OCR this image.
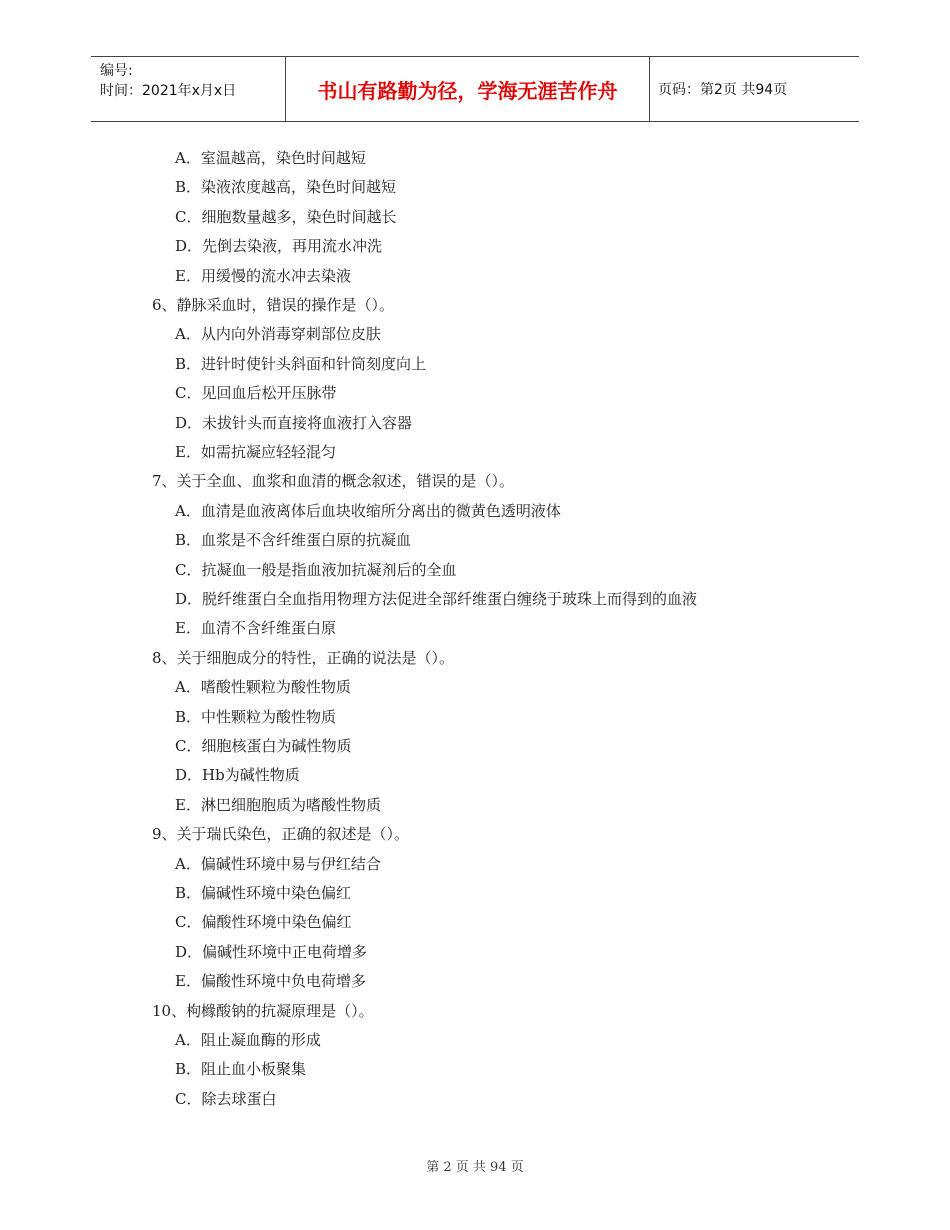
编号:
时间：2021年x月x日	书山有路勤为径，学海无涯苦作舟	页码：第2页 共94页
A．室温越高，染色时间越短
B．染液浓度越高，染色时间越短
C．细胞数量越多，染色时间越长
D．先倒去染液，再用流水冲洗
E．用缓慢的流水冲去染液
6、静脉采血时，错误的操作是（）。
A．从内向外消毒穿刺部位皮肤
B．进针时使针头斜面和针筒刻度向上
C．见回血后松开压脉带
D．未拔针头而直接将血液打入容器
E．如需抗凝应轻轻混匀
7、关于全血、血浆和血清的概念叙述，错误的是（）。
A．血清是血液离体后血块收缩所分离出的微黄色透明液体
B．血浆是不含纤维蛋白原的抗凝血
C．抗凝血一般是指血液加抗凝剂后的全血
D．脱纤维蛋白全血指用物理方法促进全部纤维蛋白缠绕于玻珠上而得到的血液
E．血清不含纤维蛋白原
8、关于细胞成分的特性，正确的说法是（）。
A．嗜酸性颗粒为酸性物质
B．中性颗粒为酸性物质
C．细胞核蛋白为碱性物质
D．Hb为碱性物质
E．淋巴细胞胞质为嗜酸性物质
9、关于瑞氏染色，正确的叙述是（）。
A．偏碱性环境中易与伊红结合
B．偏碱性环境中染色偏红
C．偏酸性环境中染色偏红
D．偏碱性环境中正电荷增多
E．偏酸性环境中负电荷增多
10、枸橼酸钠的抗凝原理是（）。
A．阻止凝血酶的形成
B．阻止血小板聚集
C．除去球蛋白
第 2 页 共 94 页
